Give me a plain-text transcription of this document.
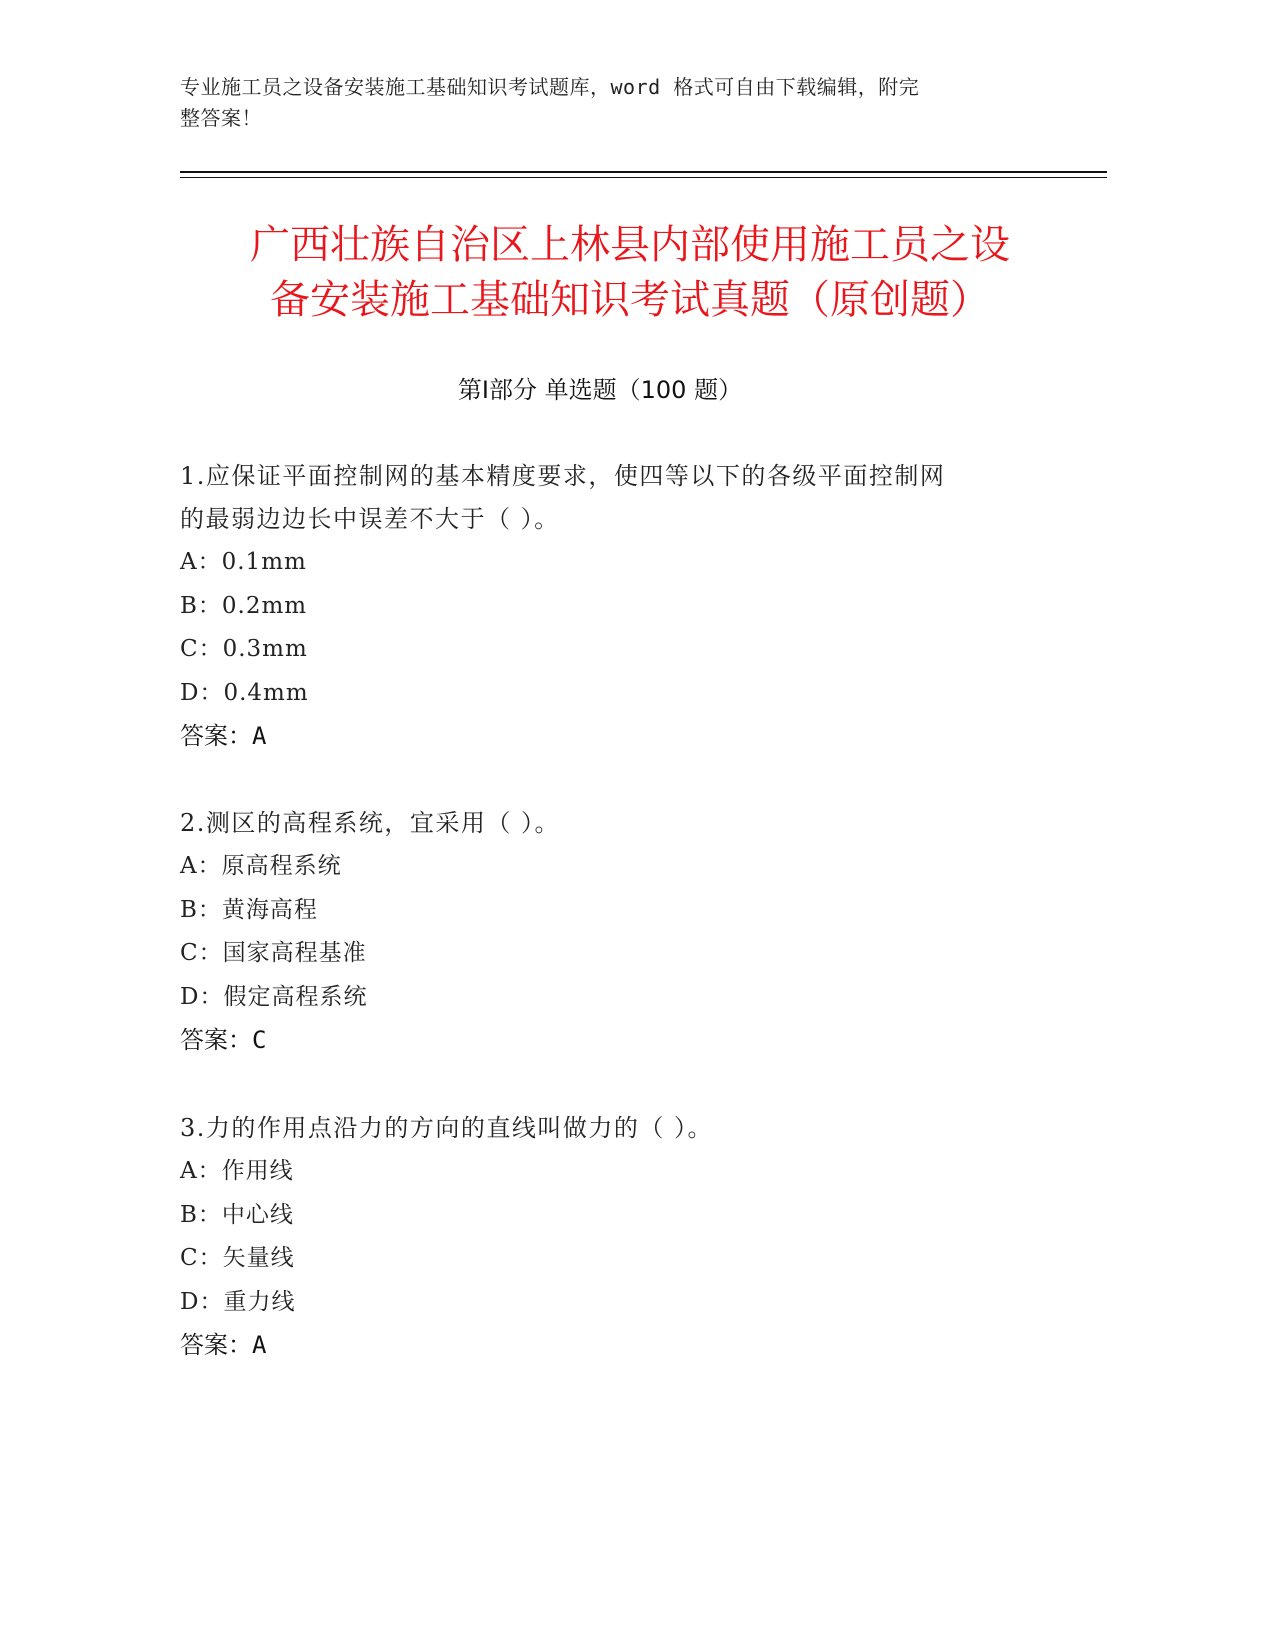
专业施工员之设备安装施工基础知识考试题库，word 格式可自由下载编辑，附完
整答案！
广西壮族自治区上林县内部使用施工员之设
备安装施工基础知识考试真题（原创题）
第Ⅰ部分 单选题（100 题）
1.应保证平面控制网的基本精度要求，使四等以下的各级平面控制网
的最弱边边长中误差不大于（ ）。
A：0.1mm
B：0.2mm
C：0.3mm
D：0.4mm
答案：A
2.测区的高程系统，宜采用（ ）。
A：原高程系统
B：黄海高程
C：国家高程基准
D：假定高程系统
答案：C
3.力的作用点沿力的方向的直线叫做力的（ ）。
A：作用线
B：中心线
C：矢量线
D：重力线
答案：A
